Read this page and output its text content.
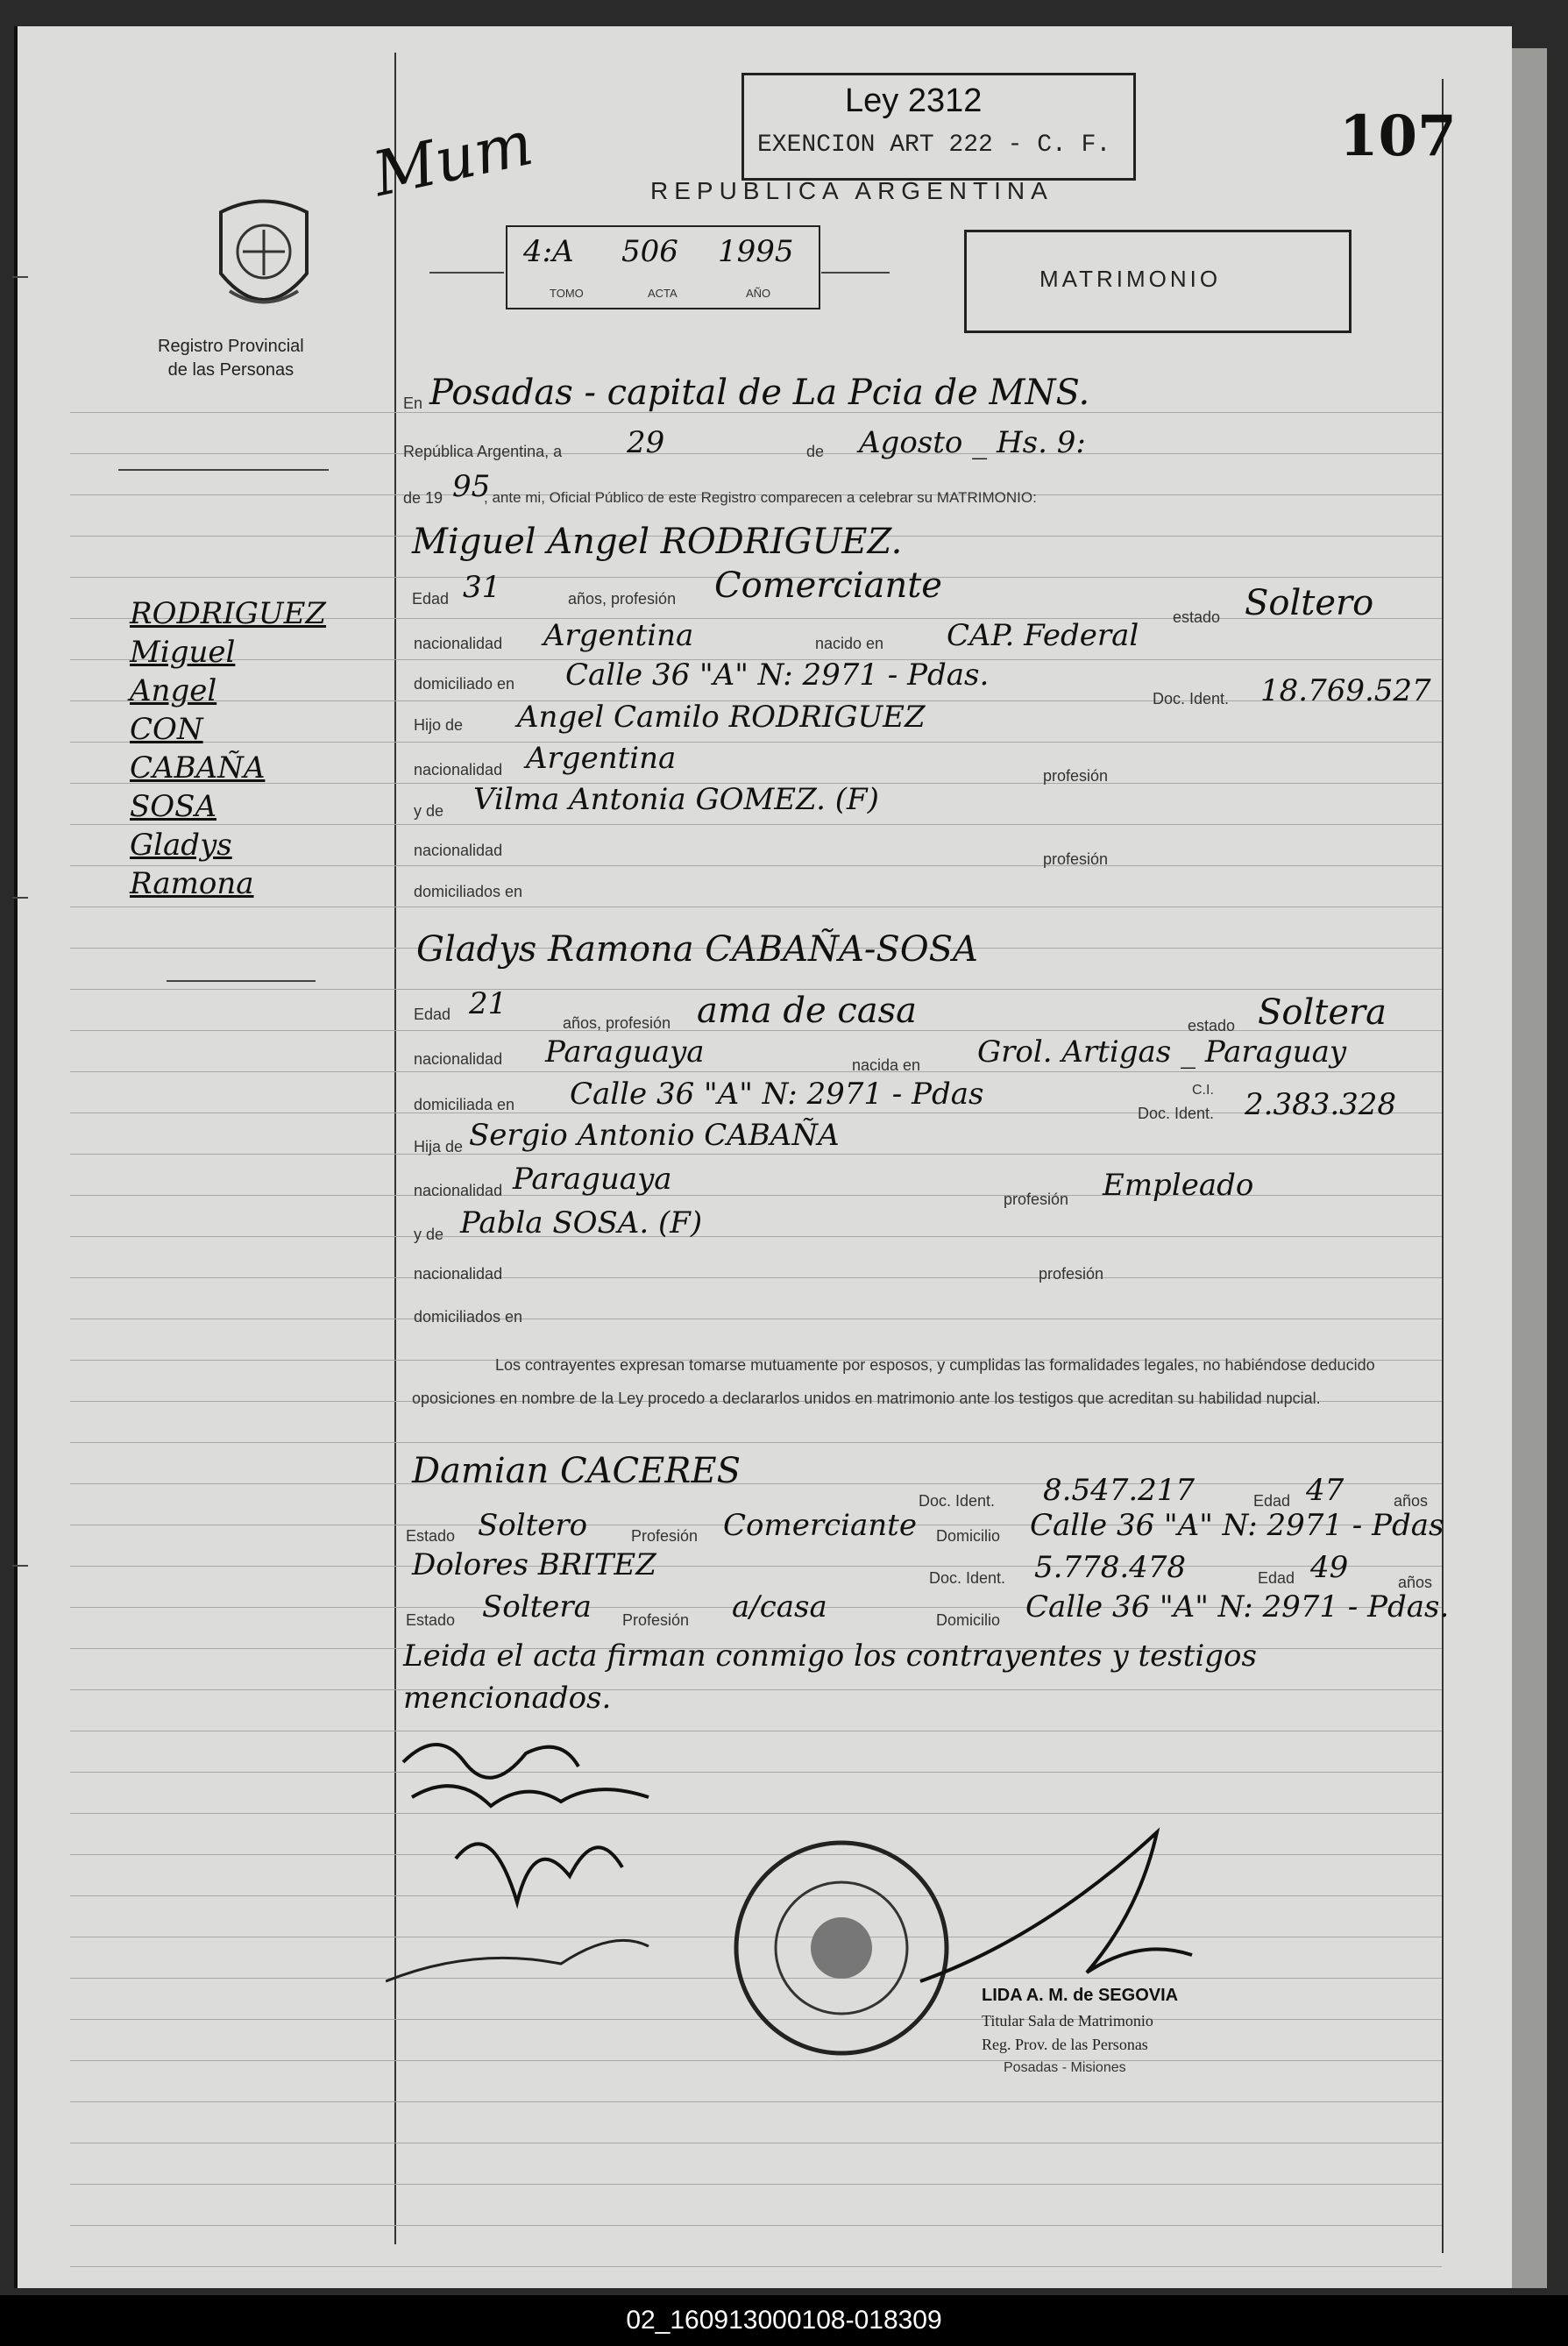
Mum
Ley 2312
EXENCION ART 222 - C. F.
REPUBLICA ARGENTINA
107
Registro Provincial
de las Personas
4:A 506 1995
TOMO	ACTA	AÑO
MATRIMONIO
RODRIGUEZ
Miguel
Angel
CON
CABAÑA
SOSA
Gladys
Ramona
En Posadas - capital de La Pcia de MNS.
República Argentina, a 29	de Agosto _ Hs. 9:
de 19 95
, ante mi, Oficial Público de este Registro comparecen a celebrar su MATRIMONIO:
Miguel Angel RODRIGUEZ.
Edad 31	años, profesión Comerciante
estado Soltero
nacionalidad Argentina	nacido en CAP. Federal
domiciliado en Calle 36 "A" N: 2971 - Pdas.
Doc. Ident. 18.769.527
Hijo de Angel Camilo RODRIGUEZ
nacionalidad Argentina	profesión
y de Vilma Antonia GOMEZ. (F)
nacionalidad	profesión
domiciliados en
Gladys Ramona CABAÑA-SOSA
Edad 21
años, profesión ama de casa	estado Soltera
nacionalidad Paraguaya	nacida en Grol. Artigas _ Paraguay
domiciliada en Calle 36 "A" N: 2971 - Pdas
Doc. Ident.
C.I. 2.383.328
Hija de Sergio Antonio CABAÑA
nacionalidad Paraguaya
profesión Empleado
y de Pabla SOSA. (F)
nacionalidad	profesión
domiciliados en
Los contrayentes expresan tomarse mutuamente por esposos, y cumplidas las formalidades legales, no habiéndose deducido oposiciones en nombre de la Ley procedo a declararlos unidos en matrimonio ante los testigos que acreditan su habilidad nupcial.
Damian CACERES
Doc. Ident. 8.547.217	Edad 47	años
Estado Soltero	Profesión Comerciante Domicilio Calle 36 "A" N: 2971 - Pdas
Dolores BRITEZ	Doc. Ident. 5.778.478	Edad 49	años
Estado Soltera Profesión a/casa	Domicilio Calle 36 "A" N: 2971 - Pdas.
Leida el acta firman conmigo los contrayentes y testigos mencionados.
LIDA A. M. de SEGOVIA
Titular Sala de Matrimonio
Reg. Prov. de las Personas
Posadas - Misiones
02_160913000108-018309
